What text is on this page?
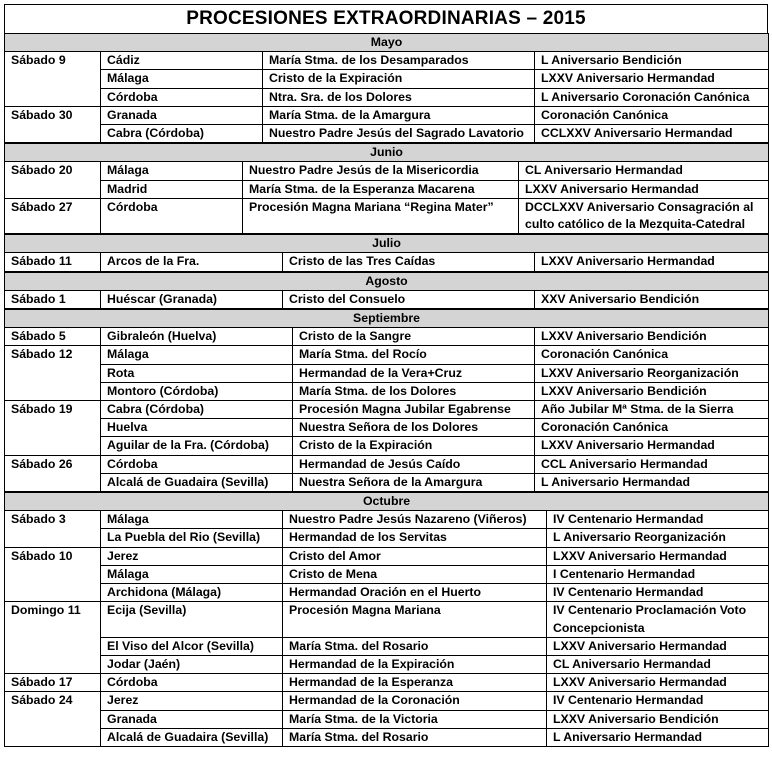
PROCESIONES EXTRAORDINARIAS – 2015
Mayo			
Sábado 9	Cádiz	María Stma. de los Desamparados	L Aniversario Bendición
	Málaga	Cristo de la Expiración	LXXV Aniversario Hermandad
	Córdoba	Ntra. Sra. de los Dolores	L Aniversario Coronación Canónica
Sábado 30	Granada	María Stma. de la Amargura	Coronación Canónica
	Cabra (Córdoba)	Nuestro Padre Jesús del Sagrado Lavatorio	CCLXXV Aniversario Hermandad
Junio			
Sábado 20	Málaga	Nuestro Padre Jesús de la Misericordia	CL Aniversario Hermandad
	Madrid	María Stma. de la Esperanza Macarena	LXXV Aniversario Hermandad
Sábado 27	Córdoba	Procesión Magna Mariana “Regina Mater”	DCCLXXV Aniversario Consagración al culto católico de la Mezquita-Catedral
Julio
Sábado 11	Arcos de la Fra.	Cristo de las Tres Caídas	LXXV Aniversario Hermandad
Agosto
Sábado 1	Huéscar (Granada)	Cristo del Consuelo	XXV Aniversario Bendición
Septiembre			
Sábado 5	Gibraleón (Huelva)	Cristo de la Sangre	LXXV Aniversario Bendición
Sábado 12	Málaga	María Stma. del Rocío	Coronación Canónica
	Rota	Hermandad de la Vera+Cruz	LXXV Aniversario Reorganización
	Montoro (Córdoba)	María Stma. de los Dolores	LXXV Aniversario Bendición
Sábado 19	Cabra (Córdoba)	Procesión Magna Jubilar Egabrense	Año Jubilar Mª Stma. de la Sierra
	Huelva	Nuestra Señora de los Dolores	Coronación Canónica
	Aguilar de la Fra. (Córdoba)	Cristo de la Expiración	LXXV Aniversario Hermandad
Sábado 26	Córdoba	Hermandad de Jesús Caído	CCL Aniversario Hermandad
	Alcalá de Guadaira (Sevilla)	Nuestra Señora de la Amargura	L Aniversario Hermandad
Octubre			
Sábado 3	Málaga	Nuestro Padre Jesús Nazareno (Viñeros)	IV Centenario Hermandad
	La Puebla del Rio (Sevilla)	Hermandad de los Servitas	L Aniversario Reorganización
Sábado 10	Jerez	Cristo del Amor	LXXV Aniversario Hermandad
	Málaga	Cristo de Mena	I Centenario Hermandad
	Archidona (Málaga)	Hermandad Oración en el Huerto	IV Centenario Hermandad
Domingo 11	Ecija (Sevilla)	Procesión Magna Mariana	IV Centenario Proclamación Voto Concepcionista
	El Viso del Alcor (Sevilla)	María Stma. del Rosario	LXXV Aniversario Hermandad
	Jodar (Jaén)	Hermandad de la Expiración	CL Aniversario Hermandad
Sábado 17	Córdoba	Hermandad de la Esperanza	LXXV Aniversario Hermandad
Sábado 24	Jerez	Hermandad de la Coronación	IV Centenario Hermandad
	Granada	María Stma. de la Victoria	LXXV Aniversario Bendición
	Alcalá de Guadaira (Sevilla)	María Stma. del Rosario	L Aniversario Hermandad
